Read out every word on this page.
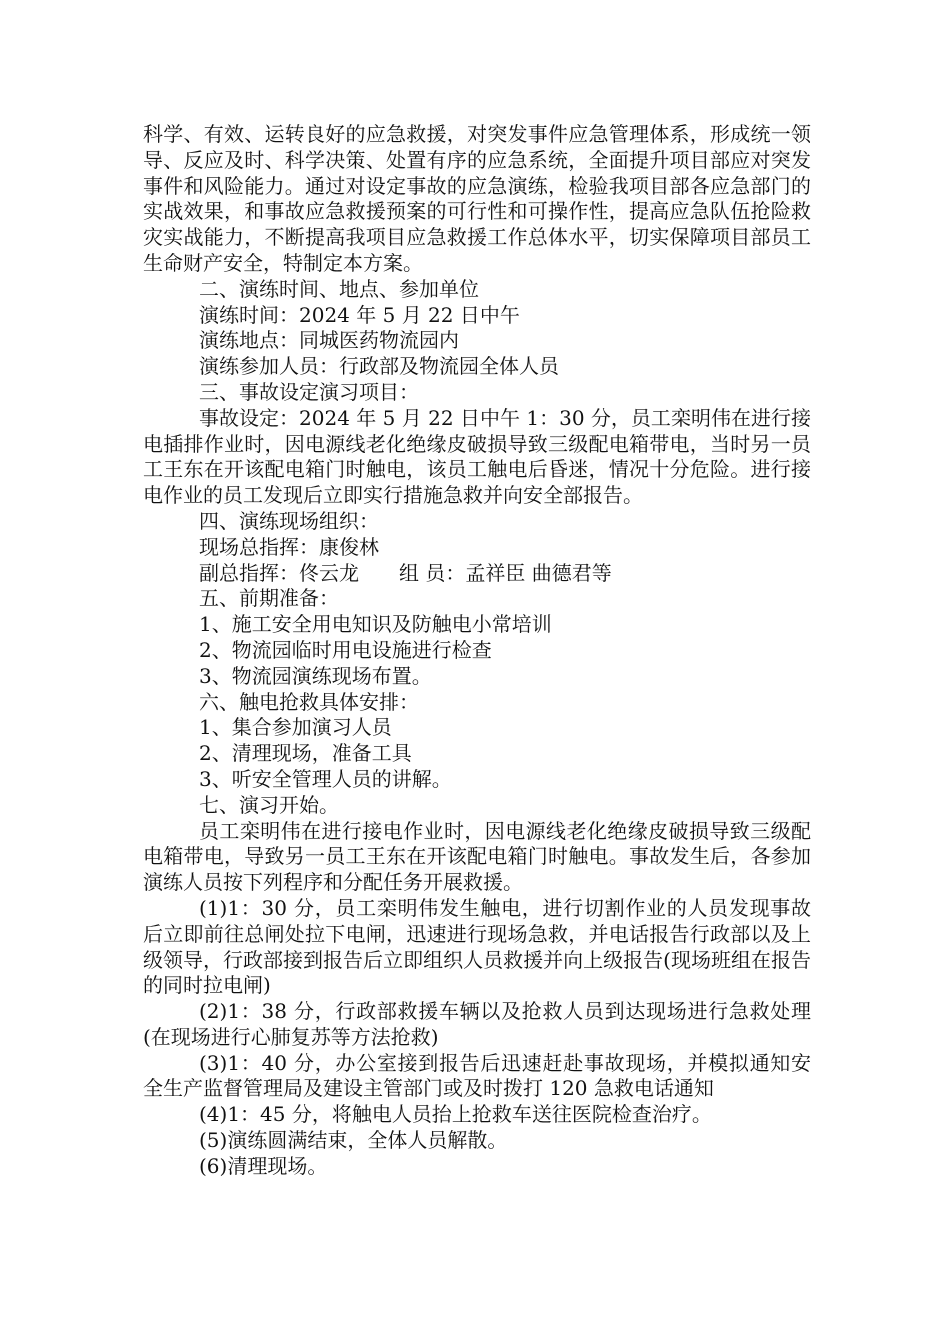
科学、有效、运转良好的应急救援，对突发事件应急管理体系，形成统一领导、反应及时、科学决策、处置有序的应急系统，全面提升项目部应对突发事件和风险能力。通过对设定事故的应急演练，检验我项目部各应急部门的实战效果，和事故应急救援预案的可行性和可操作性，提高应急队伍抢险救灾实战能力，不断提高我项目应急救援工作总体水平，切实保障项目部员工生命财产安全，特制定本方案。

二、演练时间、地点、参加单位

演练时间：2024 年 5 月 22 日中午

演练地点：同城医药物流园内

演练参加人员：行政部及物流园全体人员

三、事故设定演习项目：

事故设定：2024 年 5 月 22 日中午 1：30 分，员工栾明伟在进行接电插排作业时，因电源线老化绝缘皮破损导致三级配电箱带电，当时另一员工王东在开该配电箱门时触电，该员工触电后昏迷，情况十分危险。进行接电作业的员工发现后立即实行措施急救并向安全部报告。

四、演练现场组织：

现场总指挥：康俊林

副总指挥：佟云龙　　组 员：孟祥臣 曲德君等

五、前期准备：

1、施工安全用电知识及防触电小常培训

2、物流园临时用电设施进行检查

3、物流园演练现场布置。

六、触电抢救具体安排：

1、集合参加演习人员

2、清理现场，准备工具

3、听安全管理人员的讲解。

七、演习开始。

员工栾明伟在进行接电作业时，因电源线老化绝缘皮破损导致三级配电箱带电，导致另一员工王东在开该配电箱门时触电。事故发生后，各参加演练人员按下列程序和分配任务开展救援。

(1)1：30 分，员工栾明伟发生触电，进行切割作业的人员发现事故后立即前往总闸处拉下电闸，迅速进行现场急救，并电话报告行政部以及上级领导，行政部接到报告后立即组织人员救援并向上级报告(现场班组在报告的同时拉电闸)

(2)1：38 分，行政部救援车辆以及抢救人员到达现场进行急救处理(在现场进行心肺复苏等方法抢救)

(3)1：40 分，办公室接到报告后迅速赶赴事故现场，并模拟通知安全生产监督管理局及建设主管部门或及时拨打 120 急救电话通知

(4)1：45 分，将触电人员抬上抢救车送往医院检查治疗。

(5)演练圆满结束，全体人员解散。

(6)清理现场。
